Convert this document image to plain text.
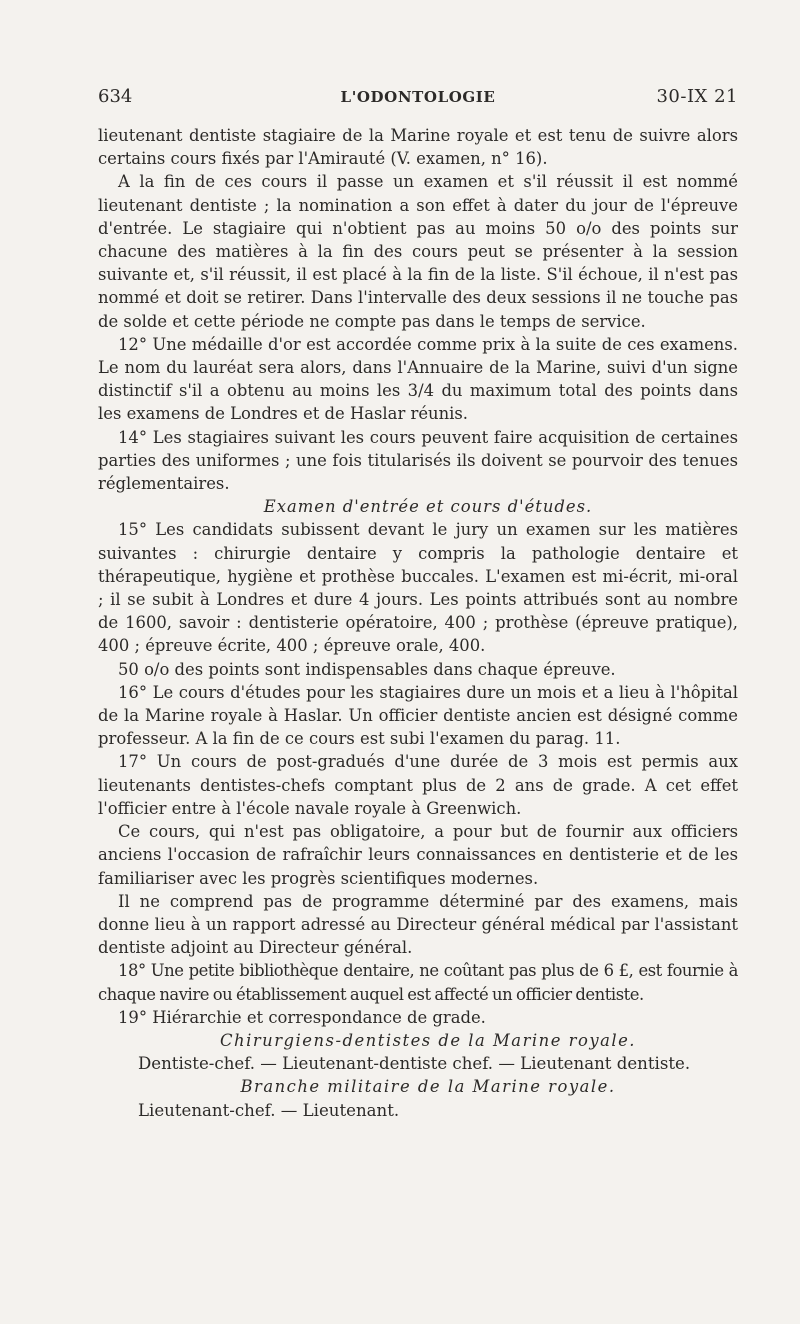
634	L'ODONTOLOGIE	30-IX 21

lieutenant dentiste stagiaire de la Marine royale et est tenu de suivre alors certains cours fixés par l'Amirauté (V. examen, n° 16).

A la fin de ces cours il passe un examen et s'il réussit il est nommé lieutenant dentiste ; la nomination a son effet à dater du jour de l'épreuve d'entrée. Le stagiaire qui n'obtient pas au moins 50 o/o des points sur chacune des matières à la fin des cours peut se présenter à la session suivante et, s'il réussit, il est placé à la fin de la liste. S'il échoue, il n'est pas nommé et doit se retirer. Dans l'intervalle des deux sessions il ne touche pas de solde et cette période ne compte pas dans le temps de service.

12° Une médaille d'or est accordée comme prix à la suite de ces examens. Le nom du lauréat sera alors, dans l'Annuaire de la Marine, suivi d'un signe distinctif s'il a obtenu au moins les 3/4 du maximum total des points dans les examens de Londres et de Haslar réunis.

14° Les stagiaires suivant les cours peuvent faire acquisition de certaines parties des uniformes ; une fois titularisés ils doivent se pourvoir des tenues réglementaires.

Examen d'entrée et cours d'études.

15° Les candidats subissent devant le jury un examen sur les matières suivantes : chirurgie dentaire y compris la pathologie dentaire et thérapeutique, hygiène et prothèse buccales. L'examen est mi-écrit, mi-oral ; il se subit à Londres et dure 4 jours. Les points attribués sont au nombre de 1600, savoir : dentisterie opératoire, 400 ; prothèse (épreuve pratique), 400 ; épreuve écrite, 400 ; épreuve orale, 400.

50 o/o des points sont indispensables dans chaque épreuve.

16° Le cours d'études pour les stagiaires dure un mois et a lieu à l'hôpital de la Marine royale à Haslar. Un officier dentiste ancien est désigné comme professeur. A la fin de ce cours est subi l'examen du parag. 11.

17° Un cours de post-gradués d'une durée de 3 mois est permis aux lieutenants dentistes-chefs comptant plus de 2 ans de grade. A cet effet l'officier entre à l'école navale royale à Greenwich.

Ce cours, qui n'est pas obligatoire, a pour but de fournir aux officiers anciens l'occasion de rafraîchir leurs connaissances en dentisterie et de les familiariser avec les progrès scientifiques modernes.

Il ne comprend pas de programme déterminé par des examens, mais donne lieu à un rapport adressé au Directeur général médical par l'assistant dentiste adjoint au Directeur général.

18° Une petite bibliothèque dentaire, ne coûtant pas plus de 6 £, est fournie à chaque navire ou établissement auquel est affecté un officier dentiste.

19° Hiérarchie et correspondance de grade.

Chirurgiens-dentistes de la Marine royale.

Dentiste-chef. — Lieutenant-dentiste chef. — Lieutenant dentiste.

Branche militaire de la Marine royale.

Lieutenant-chef. — Lieutenant.
